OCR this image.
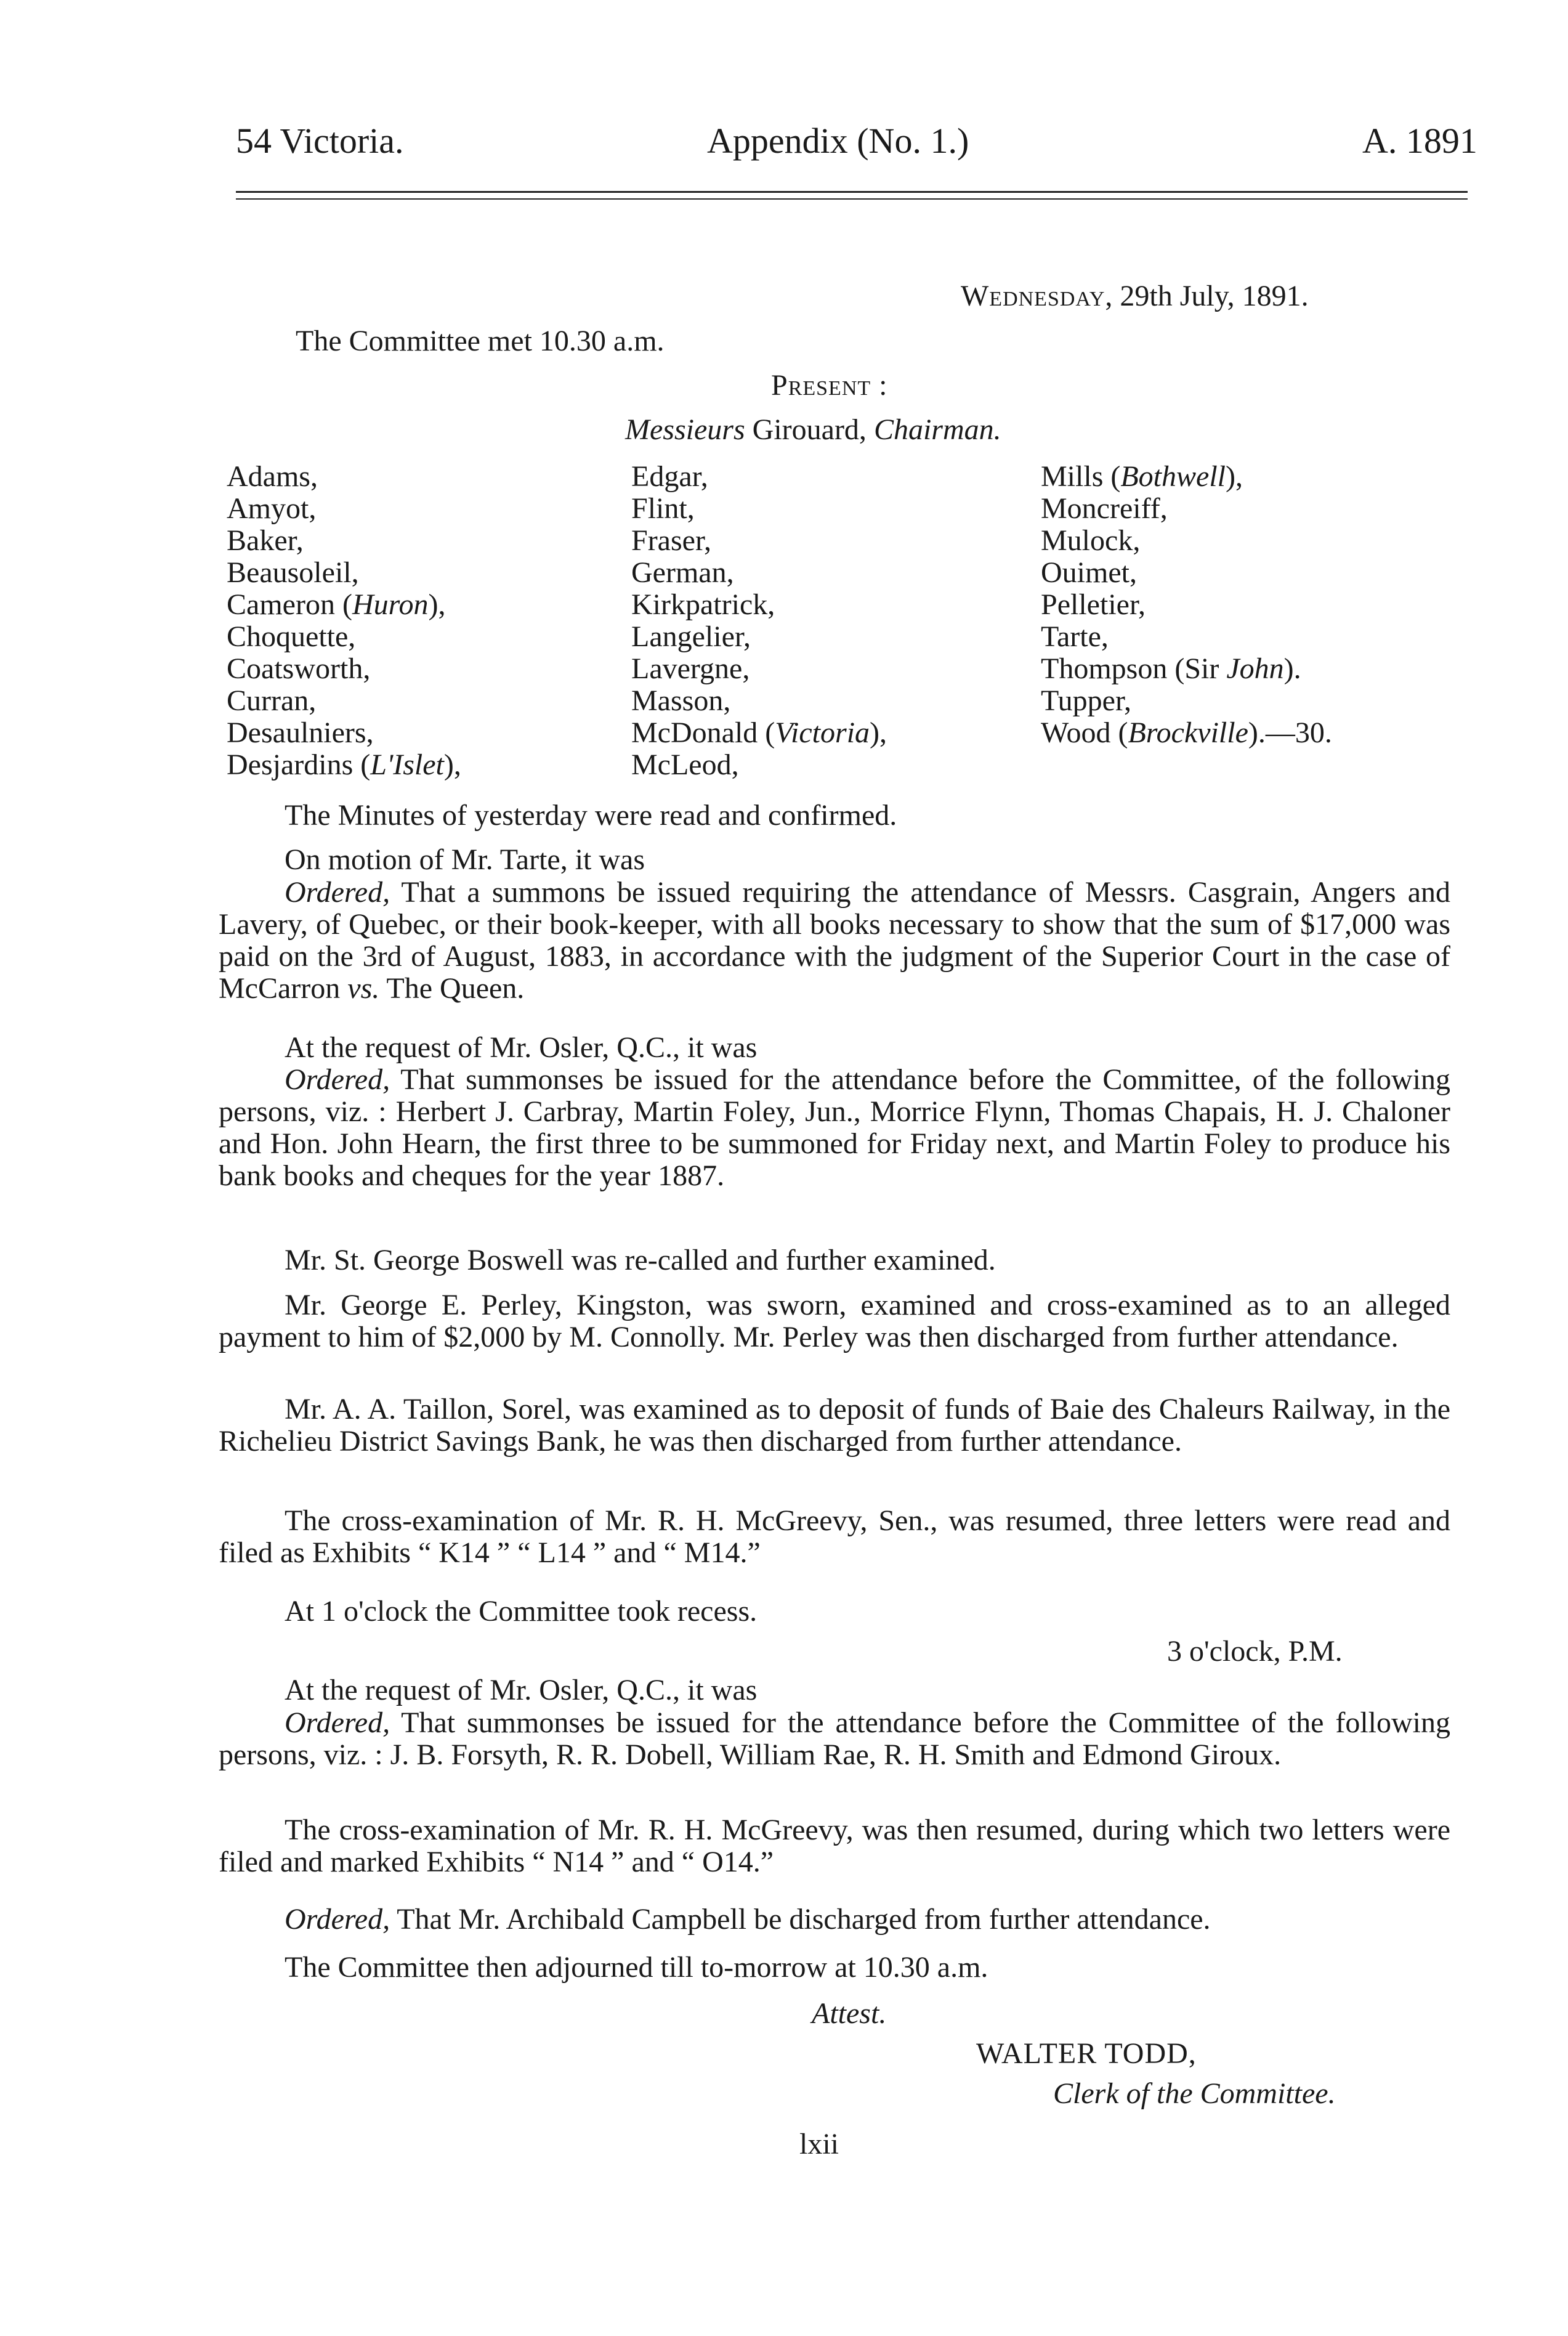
54 Victoria.	Appendix (No. 1.)	A. 1891
Wednesday, 29th July, 1891.
The Committee met 10.30 a.m.
Present :
Messieurs Girouard, Chairman.
Adams,
Amyot,
Baker,
Beausoleil,
Cameron (Huron),
Choquette,
Coatsworth,
Curran,
Desaulniers,
Desjardins (L'Islet),
Edgar,
Flint,
Fraser,
German,
Kirkpatrick,
Langelier,
Lavergne,
Masson,
McDonald (Victoria),
McLeod,
Mills (Bothwell),
Moncreiff,
Mulock,
Ouimet,
Pelletier,
Tarte,
Thompson (Sir John).
Tupper,
Wood (Brockville).—30.
The Minutes of yesterday were read and confirmed.
On motion of Mr. Tarte, it was
Ordered, That a summons be issued requiring the attendance of Messrs. Casgrain, Angers and Lavery, of Quebec, or their book-keeper, with all books necessary to show that the sum of $17,000 was paid on the 3rd of August, 1883, in accordance with the judgment of the Superior Court in the case of McCarron vs. The Queen.
At the request of Mr. Osler, Q.C., it was
Ordered, That summonses be issued for the attendance before the Committee, of the following persons, viz. : Herbert J. Carbray, Martin Foley, Jun., Morrice Flynn, Thomas Chapais, H. J. Chaloner and Hon. John Hearn, the first three to be summoned for Friday next, and Martin Foley to produce his bank books and cheques for the year 1887.
Mr. St. George Boswell was re-called and further examined.
Mr. George E. Perley, Kingston, was sworn, examined and cross-examined as to an alleged payment to him of $2,000 by M. Connolly. Mr. Perley was then discharged from further attendance.
Mr. A. A. Taillon, Sorel, was examined as to deposit of funds of Baie des Chaleurs Railway, in the Richelieu District Savings Bank, he was then discharged from further attendance.
The cross-examination of Mr. R. H. McGreevy, Sen., was resumed, three letters were read and filed as Exhibits “ K14 ” “ L14 ” and “ M14.”
At 1 o'clock the Committee took recess.
3 o'clock, P.M.
At the request of Mr. Osler, Q.C., it was
Ordered, That summonses be issued for the attendance before the Committee of the following persons, viz. : J. B. Forsyth, R. R. Dobell, William Rae, R. H. Smith and Edmond Giroux.
The cross-examination of Mr. R. H. McGreevy, was then resumed, during which two letters were filed and marked Exhibits “ N14 ” and “ O14.”
Ordered, That Mr. Archibald Campbell be discharged from further attendance.
The Committee then adjourned till to-morrow at 10.30 a.m.
Attest.
WALTER TODD,
Clerk of the Committee.
lxii
